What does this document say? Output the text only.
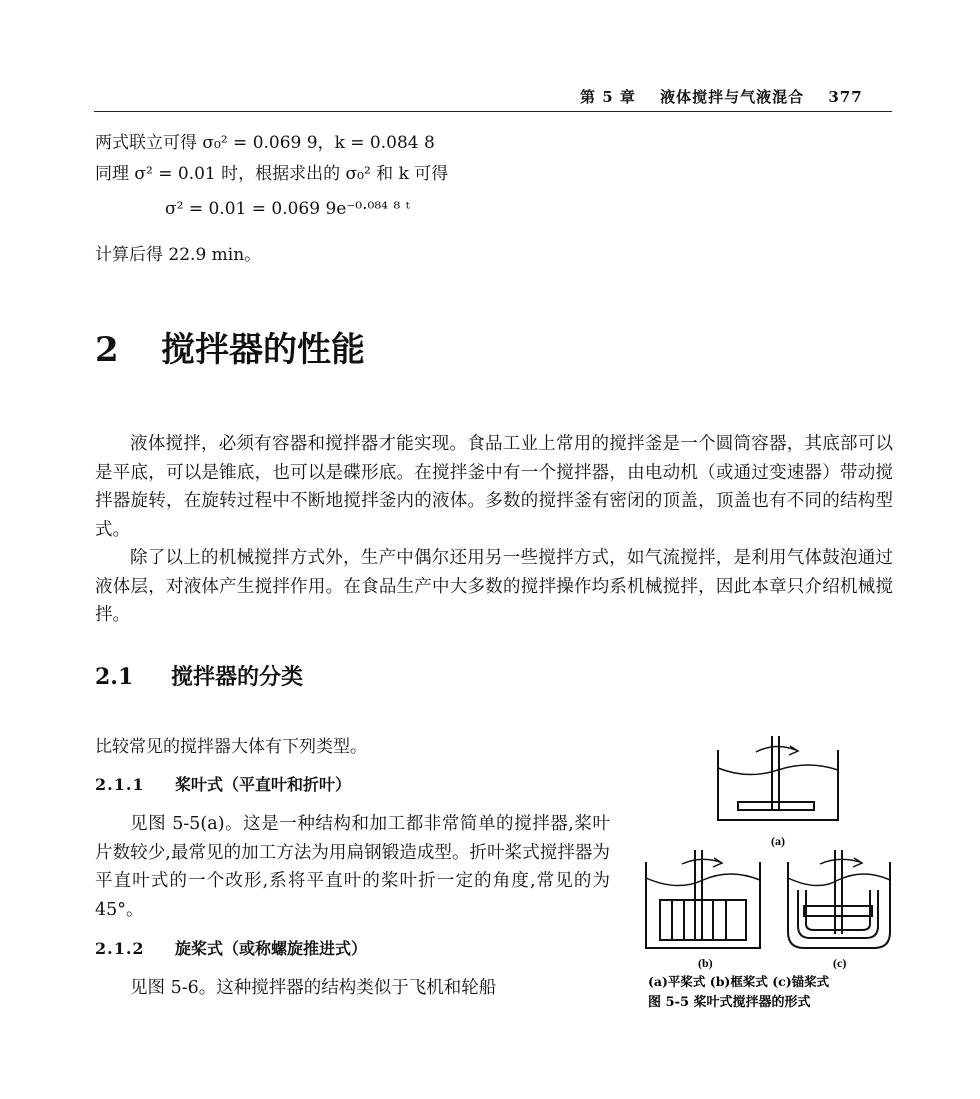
第 5 章 液体搅拌与气液混合 377
两式联立可得 σ₀² = 0.069 9，k = 0.084 8
同理 σ² = 0.01 时，根据求出的 σ₀² 和 k 可得
σ² = 0.01 = 0.069 9e⁻⁰·⁰⁸⁴ ⁸ ᵗ
计算后得 22.9 min。
2 搅拌器的性能

液体搅拌，必须有容器和搅拌器才能实现。食品工业上常用的搅拌釜是一个圆筒容器，其底部可以是平底，可以是锥底，也可以是碟形底。在搅拌釜中有一个搅拌器，由电动机（或通过变速器）带动搅拌器旋转，在旋转过程中不断地搅拌釜内的液体。多数的搅拌釜有密闭的顶盖，顶盖也有不同的结构型式。

除了以上的机械搅拌方式外，生产中偶尔还用另一些搅拌方式，如气流搅拌，是利用气体鼓泡通过液体层，对液体产生搅拌作用。在食品生产中大多数的搅拌操作均系机械搅拌，因此本章只介绍机械搅拌。

2.1 搅拌器的分类
比较常见的搅拌器大体有下列类型。
2.1.1 桨叶式（平直叶和折叶）

见图 5-5(a)。这是一种结构和加工都非常简单的搅拌器,桨叶片数较少,最常见的加工方法为用扁钢锻造成型。折叶桨式搅拌器为平直叶式的一个改形,系将平直叶的桨叶折一定的角度,常见的为 45°。

2.1.2 旋桨式（或称螺旋推进式）

见图 5-6。这种搅拌器的结构类似于飞机和轮船

(a)
(b)	(c)
(a)平桨式 (b)框桨式 (c)锚桨式
图 5-5 桨叶式搅拌器的形式
